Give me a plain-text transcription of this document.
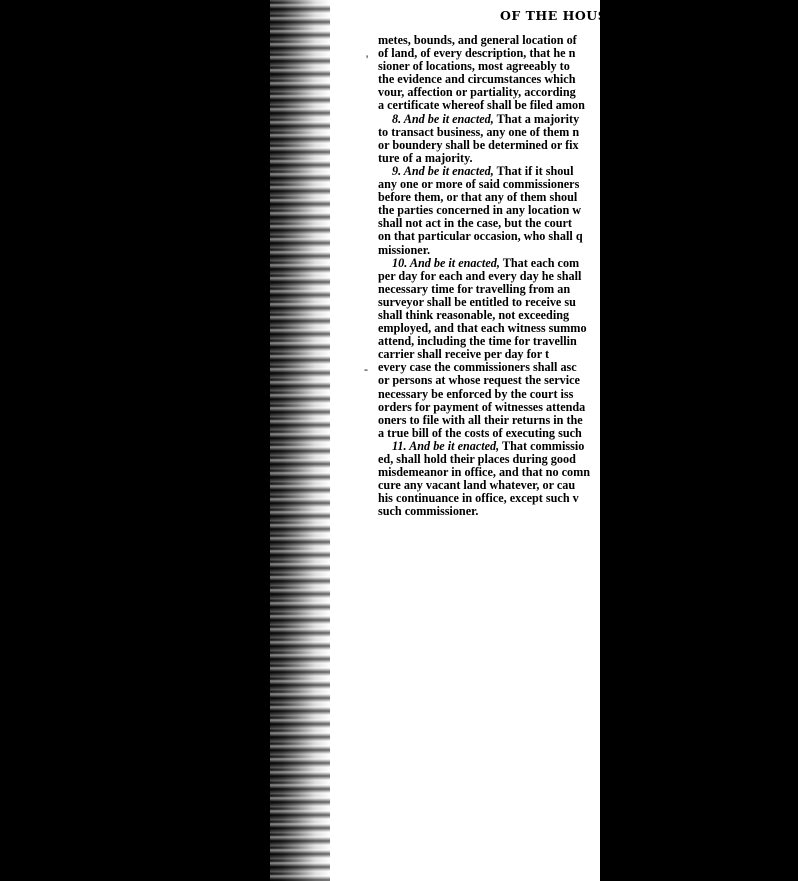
OF THE HOUSE
metes, bounds, and general location of
of land, of every description, that he n
sioner of locations, most agreeably to
the evidence and circumstances which
vour, affection or partiality, according
a certificate whereof shall be filed amon
8. And be it enacted, That a majority
to transact business, any one of them n
or boundery shall be determined or fix
ture of a majority.
9. And be it enacted, That if it shoul
any one or more of said commissioners
before them, or that any of them shoul
the parties concerned in any location w
shall not act in the case, but the court
on that particular occasion, who shall q
missioner.
10. And be it enacted, That each com
per day for each and every day he shall
necessary time for travelling from an
surveyor shall be entitled to receive su
shall think reasonable, not exceeding
employed, and that each witness summo
attend, including the time for travellin
carrier shall receive per day for t
every case the commissioners shall asc
or persons at whose request the service
necessary be enforced by the court iss
orders for payment of witnesses attenda
oners to file with all their returns in the
a true bill of the costs of executing such
11. And be it enacted, That commissio
ed, shall hold their places during good
misdemeanor in office, and that no comn
cure any vacant land whatever, or cau
his continuance in office, except such v
such commissioner.
'
-
